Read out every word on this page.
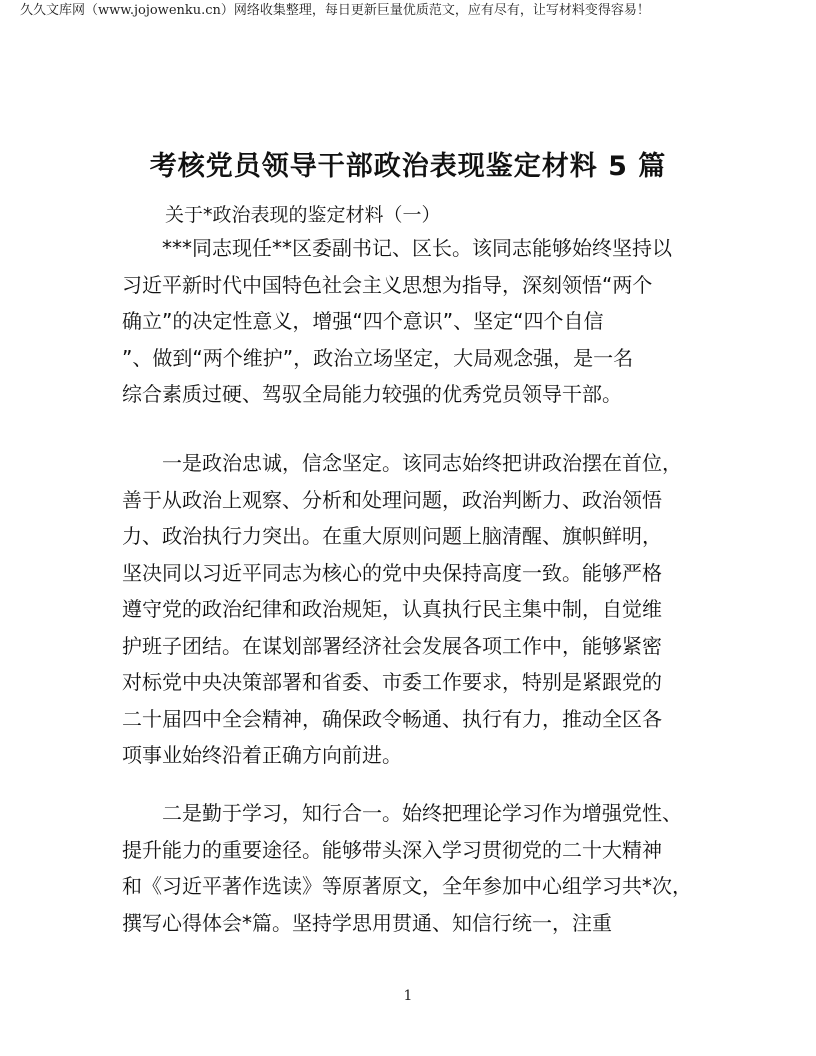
久久文库网（www.jojowenku.cn）网络收集整理，每日更新巨量优质范文，应有尽有，让写材料变得容易！
考核党员领导干部政治表现鉴定材料 5 篇
关于*政治表现的鉴定材料（一）
***同志现任**区委副书记、区长。该同志能够始终坚持以
习近平新时代中国特色社会主义思想为指导，深刻领悟“两个
确立”的决定性意义，增强“四个意识”、坚定“四个自信
”、做到“两个维护”，政治立场坚定，大局观念强，是一名
综合素质过硬、驾驭全局能力较强的优秀党员领导干部。
一是政治忠诚，信念坚定。该同志始终把讲政治摆在首位，
善于从政治上观察、分析和处理问题，政治判断力、政治领悟
力、政治执行力突出。在重大原则问题上脑清醒、旗帜鲜明，
坚决同以习近平同志为核心的党中央保持高度一致。能够严格
遵守党的政治纪律和政治规矩，认真执行民主集中制，自觉维
护班子团结。在谋划部署经济社会发展各项工作中，能够紧密
对标党中央决策部署和省委、市委工作要求，特别是紧跟党的
二十届四中全会精神，确保政令畅通、执行有力，推动全区各
项事业始终沿着正确方向前进。
二是勤于学习，知行合一。始终把理论学习作为增强党性、
提升能力的重要途径。能够带头深入学习贯彻党的二十大精神
和《习近平著作选读》等原著原文，全年参加中心组学习共*次，
撰写心得体会*篇。坚持学思用贯通、知信行统一，注重
1
